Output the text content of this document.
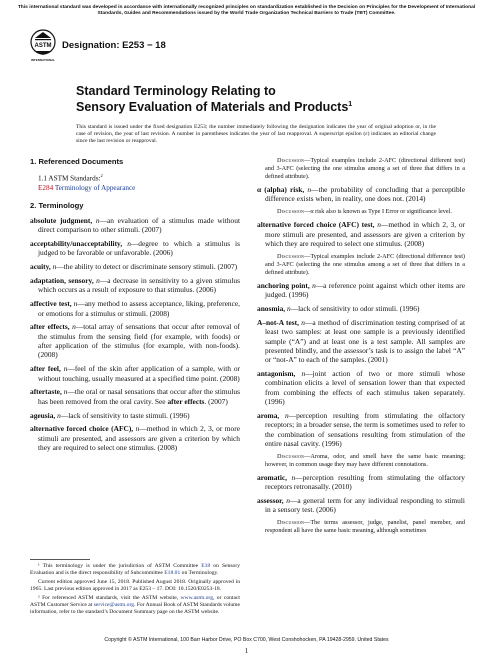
This international standard was developed in accordance with internationally recognized principles on standardization established in the Decision on Principles for the Development of International Standards, Guides and Recommendations issued by the World Trade Organization Technical Barriers to Trade (TBT) Committee.
ASTM
INTERNATIONAL
Designation: E253 − 18
Standard Terminology Relating to
Sensory Evaluation of Materials and Products$^1$
This standard is issued under the fixed designation E253; the number immediately following the designation indicates the year of original adoption or, in the case of revision, the year of last revision. A number in parentheses indicates the year of last reapproval. A superscript epsilon (ε) indicates an editorial change since the last revision or reapproval.
1. Referenced Documents
1.1 ASTM Standards:$^2$
E284 Terminology of Appearance
2. Terminology
absolute judgment, n—an evaluation of a stimulus made without direct comparison to other stimuli. (2007)
acceptability/unacceptability, n—degree to which a stimulus is judged to be favorable or unfavorable. (2006)
acuity, n—the ability to detect or discriminate sensory stimuli. (2007)
adaptation, sensory, n—a decrease in sensitivity to a given stimulus which occurs as a result of exposure to that stimulus. (2006)
affective test, n—any method to assess acceptance, liking, preference, or emotions for a stimulus or stimuli. (2008)
after effects, n—total array of sensations that occur after removal of the stimulus from the sensing field (for example, with foods) or after application of the stimulus (for example, with non-foods). (2008)
after feel, n—feel of the skin after application of a sample, with or without touching, usually measured at a specified time point. (2008)
aftertaste, n—the oral or nasal sensations that occur after the stimulus has been removed from the oral cavity. See after effects. (2007)
ageusia, n—lack of sensitivity to taste stimuli. (1996)
alternative forced choice (AFC), n—method in which 2, 3, or more stimuli are presented, and assessors are given a criterion by which they are required to select one stimulus. (2008)
Discussion—Typical examples include 2-AFC (directional different test) and 3-AFC (selecting the one stimulus among a set of three that differs in a defined attribute).
α (alpha) risk, n—the probability of concluding that a perceptible difference exists when, in reality, one does not. (2014)
Discussion—α risk also is known as Type I Error or significance level.
alternative forced choice (AFC) test, n—method in which 2, 3, or more stimuli are presented, and assessors are given a criterion by which they are required to select one stimulus. (2008)
Discussion—Typical examples include 2-AFC (directional difference test) and 3-AFC (selecting the one stimulus among a set of three that differs in a defined attribute).
anchoring point, n—a reference point against which other items are judged. (1996)
anosmia, n—lack of sensitivity to odor stimuli. (1996)
A–not-A test, n—a method of discrimination testing comprised of at least two samples: at least one sample is a previously identified sample (“A”) and at least one is a test sample. All samples are presented blindly, and the assessor’s task is to assign the label “A” or “not-A” to each of the samples. (2001)
antagonism, n—joint action of two or more stimuli whose combination elicits a level of sensation lower than that expected from combining the effects of each stimulus taken separately. (1996)
aroma, n—perception resulting from stimulating the olfactory receptors; in a broader sense, the term is sometimes used to refer to the combination of sensations resulting from stimulation of the entire nasal cavity. (1996)
Discussion—Aroma, odor, and smell have the same basic meaning; however, in common usage they may have different connotations.
aromatic, n—perception resulting from stimulating the olfactory receptors retronasally. (2010)
assessor, n—a general term for any individual responding to stimuli in a sensory test. (2006)
Discussion—The terms assessor, judge, panelist, panel member, and respondent all have the same basic meaning, although sometimes

¹ This terminology is under the jurisdiction of ASTM Committee E18 on Sensory Evaluation and is the direct responsibility of Subcommittee E18.01 on Terminology.

Current edition approved June 15, 2018. Published August 2018. Originally approved in 1965. Last previous edition approved in 2017 as E253 – 17. DOI: 10.1520/E0253-18.

² For referenced ASTM standards, visit the ASTM website, www.astm.org, or contact ASTM Customer Service at service@astm.org. For Annual Book of ASTM Standards volume information, refer to the standard’s Document Summary page on the ASTM website.

Copyright © ASTM International, 100 Barr Harbor Drive, PO Box C700, West Conshohocken, PA 19428-2959. United States
1
